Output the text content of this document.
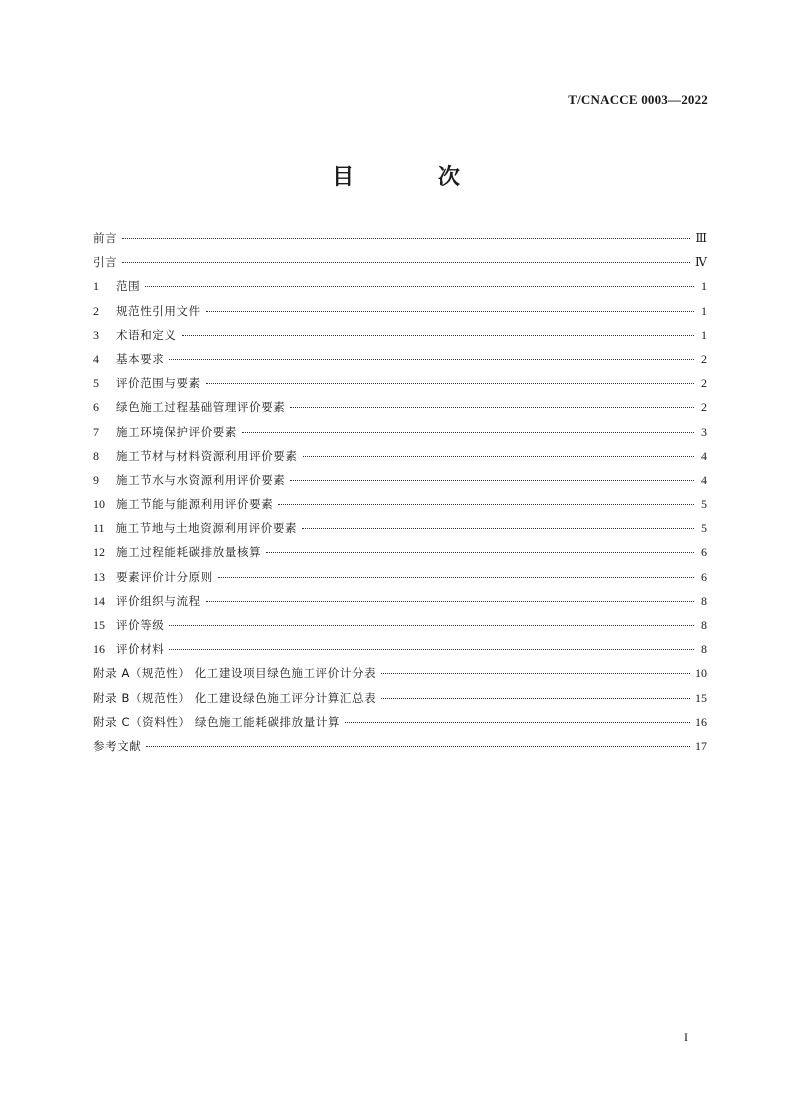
T/CNACCE 0003—2022
目 次
前言	Ⅲ
引言	Ⅳ
1	范围	1
2	规范性引用文件	1
3	术语和定义	1
4	基本要求	2
5	评价范围与要素	2
6	绿色施工过程基础管理评价要素	2
7	施工环境保护评价要素	3
8	施工节材与材料资源利用评价要素	4
9	施工节水与水资源利用评价要素	4
10 施工节能与能源利用评价要素	5
11 施工节地与土地资源利用评价要素	5
12 施工过程能耗碳排放量核算	6
13 要素评价计分原则	6
14 评价组织与流程	8
15 评价等级	8
16 评价材料	8
附录 A（规范性） 化工建设项目绿色施工评价计分表	10
附录 B（规范性） 化工建设绿色施工评分计算汇总表	15
附录 C（资料性） 绿色施工能耗碳排放量计算	16
参考文献	17
I
